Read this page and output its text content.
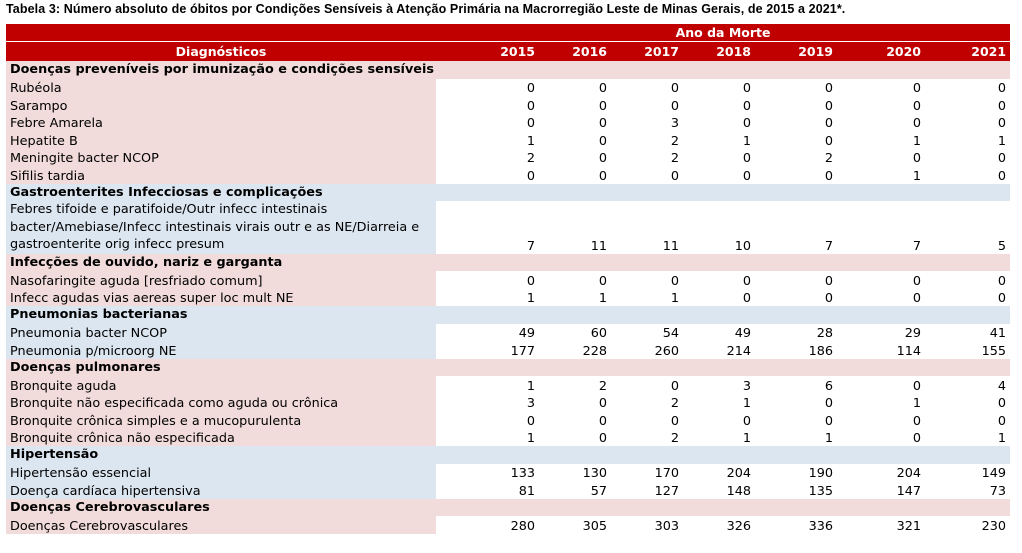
Tabela 3: Número absoluto de óbitos por Condições Sensíveis à Atenção Primária na Macrorregião Leste de Minas Gerais, de 2015 a 2021*.
	Ano da Morte						
Diagnósticos	2015	2016	2017	2018	2019	2020	2021
Doenças preveníveis por imunização e condições sensíveis							
Rubéola	0	0	0	0	0	0	0
Sarampo	0	0	0	0	0	0	0
Febre Amarela	0	0	3	0	0	0	0
Hepatite B	1	0	2	1	0	1	1
Meningite bacter NCOP	2	0	2	0	2	0	0
Sifilis tardia	0	0	0	0	0	1	0
Gastroenterites Infecciosas e complicações							
Febres tifoide e paratifoide/Outr infecc intestinais bacter/Amebiase/Infecc intestinais virais outr e as NE/Diarreia e gastroenterite orig infecc presum	7	11	11	10	7	7	5
Infecções de ouvido, nariz e garganta							
Nasofaringite aguda [resfriado comum]	0	0	0	0	0	0	0
Infecc agudas vias aereas super loc mult NE	1	1	1	0	0	0	0
Pneumonias bacterianas							
Pneumonia bacter NCOP	49	60	54	49	28	29	41
Pneumonia p/microorg NE	177	228	260	214	186	114	155
Doenças pulmonares							
Bronquite aguda	1	2	0	3	6	0	4
Bronquite não especificada como aguda ou crônica	3	0	2	1	0	1	0
Bronquite crônica simples e a mucopurulenta	0	0	0	0	0	0	0
Bronquite crônica não especificada	1	0	2	1	1	0	1
Hipertensão							
Hipertensão essencial	133	130	170	204	190	204	149
Doença cardíaca hipertensiva	81	57	127	148	135	147	73
Doenças Cerebrovasculares							
Doenças Cerebrovasculares	280	305	303	326	336	321	230
